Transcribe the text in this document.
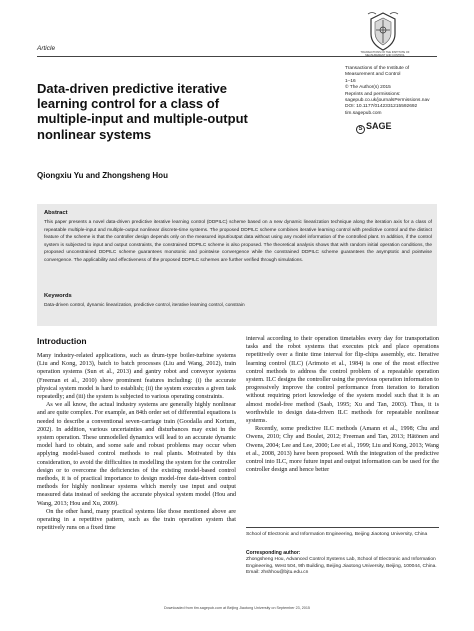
TRANSACTIONS OF THE INSTITUTE OF MEASUREMENT AND CONTROL
Article
Data-driven predictive iterative
learning control for a class of
multiple-input and multiple-output
nonlinear systems
Transactions of the Institute of
Measurement and Control
1–16
© The Author(s) 2015
Reprints and permissions:
sagepub.co.uk/journalsPermissions.nav
DOI: 10.1177/0142331215592692
tim.sagepub.com
S SAGE
Qiongxiu Yu and Zhongsheng Hou
Abstract
This paper presents a novel data-driven predictive iterative learning control (DDPILC) scheme based on a new dynamic linearization technique along the iteration axis for a class of repeatable multiple-input and multiple-output nonlinear discrete-time systems. The proposed DDPILC scheme combines iterative learning control with predictive control and the distinct feature of the scheme is that the controller design depends only on the measured input/output data without using any model information of the controlled plant. In addition, if the control system is subjected to input and output constraints, the constrained DDPILC scheme is also proposed. The theoretical analysis shows that with random initial operation conditions, the proposed unconstrained DDPILC scheme guarantees monotonic and pointwise convergence while the constrained DDPILC scheme guarantees the asymptotic and pointwise convergence. The applicability and effectiveness of the proposed DDPILC schemes are further verified through simulations.
Keywords
Data-driven control, dynamic linearization, predictive control, iterative learning control, constrain
Introduction

Many industry-related applications, such as drum-type boiler-turbine systems (Liu and Kong, 2013), batch to batch processes (Liu and Wang, 2012), train operation systems (Sun et al., 2013) and gantry robot and conveyor systems (Freeman et al., 2010) show prominent features including: (i) the accurate physical system model is hard to establish; (ii) the system executes a given task repeatedly; and (iii) the system is subjected to various operating constraints.

As we all know, the actual industry systems are generally highly nonlinear and are quite complex. For example, an 84th order set of differential equations is needed to describe a conventional seven-carriage train (Goodalla and Kortum, 2002). In addition, various uncertainties and disturbances may exist in the system operation. These unmodelled dynamics will lead to an accurate dynamic model hard to obtain, and some safe and robust problems may occur when applying model-based control methods to real plants. Motivated by this consideration, to avoid the difficulties in modelling the system for the controller design or to overcome the deficiencies of the existing model-based control methods, it is of practical importance to design model-free data-driven control methods for highly nonlinear systems which merely use input and output measured data instead of seeking the accurate physical system model (Hou and Wang, 2013; Hou and Xu, 2009).

On the other hand, many practical systems like those mentioned above are operating in a repetitive pattern, such as the train operation system that repetitively runs on a fixed time

interval according to their operation timetables every day for transportation tasks and the robot systems that executes pick and place operations repetitively over a finite time interval for flip-chips assembly, etc. Iterative learning control (ILC) (Arimoto et al., 1984) is one of the most effective control methods to address the control problem of a repeatable operation system. ILC designs the controller using the previous operation information to progressively improve the control performance from iteration to iteration without requiring priori knowledge of the system model such that it is an almost model-free method (Saab, 1995; Xu and Tan, 2003). Thus, it is worthwhile to design data-driven ILC methods for repeatable nonlinear systems.

Recently, some predictive ILC methods (Amann et al., 1998; Chu and Owens, 2010; Chy and Boulet, 2012; Freeman and Tan, 2013; Hätönen and Owens, 2004; Lee and Lee, 2000; Lee et al., 1999; Liu and Kong, 2013; Wang et al., 2008, 2013) have been proposed. With the integration of the predictive control into ILC, more future input and output information can be used for the controller design and hence better

School of Electronic and Information Engineering, Beijing Jiaotong University, China
Corresponding author:
Zhongsheng Hou, Advanced Control Systems Lab, School of Electronic and Information Engineering, West 504, 9th Building, Beijing Jiaotong University, Beijing, 100044, China.
Email: zhshhou@bjtu.edu.cn
Downloaded from tim.sagepub.com at Beijing Jiaotong University on September 23, 2015
